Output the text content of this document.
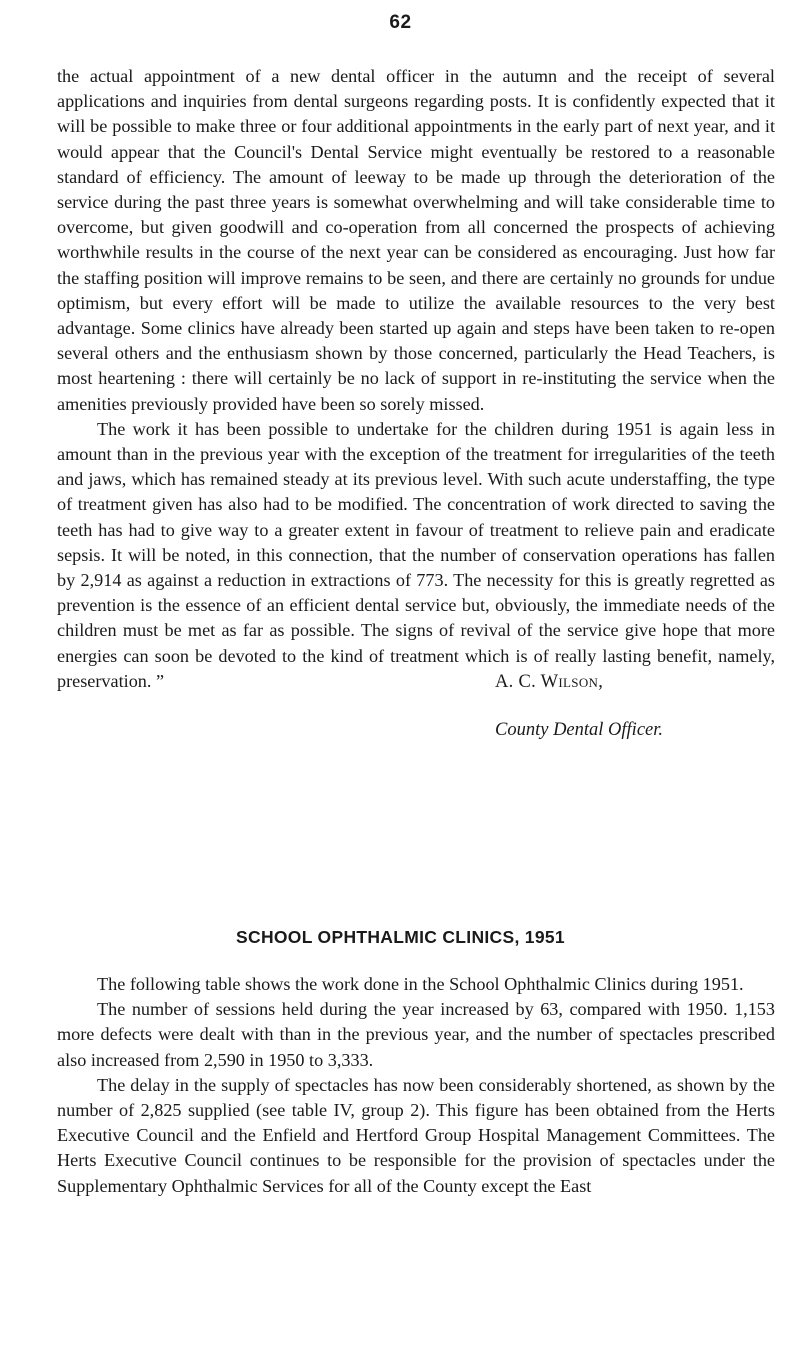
62

the actual appointment of a new dental officer in the autumn and the receipt of several applications and inquiries from dental surgeons regarding posts. It is confidently expected that it will be possible to make three or four additional appointments in the early part of next year, and it would appear that the Council's Dental Service might eventually be restored to a reasonable standard of efficiency. The amount of leeway to be made up through the deterioration of the service during the past three years is somewhat overwhelming and will take considerable time to overcome, but given goodwill and co-operation from all concerned the prospects of achieving worthwhile results in the course of the next year can be considered as encouraging. Just how far the staffing position will improve remains to be seen, and there are certainly no grounds for undue optimism, but every effort will be made to utilize the available resources to the very best advantage. Some clinics have already been started up again and steps have been taken to re-open several others and the enthusiasm shown by those concerned, particularly the Head Teachers, is most heartening : there will certainly be no lack of support in re-instituting the service when the amenities previously provided have been so sorely missed.

The work it has been possible to undertake for the children during 1951 is again less in amount than in the previous year with the exception of the treatment for irregularities of the teeth and jaws, which has remained steady at its previous level. With such acute understaffing, the type of treatment given has also had to be modified. The concentration of work directed to saving the teeth has had to give way to a greater extent in favour of treatment to relieve pain and eradicate sepsis. It will be noted, in this connection, that the number of conservation operations has fallen by 2,914 as against a reduction in extractions of 773. The necessity for this is greatly regretted as prevention is the essence of an efficient dental service but, obviously, the immediate needs of the children must be met as far as possible. The signs of revival of the service give hope that more energies can soon be devoted to the kind of treatment which is of really lasting benefit, namely, preservation. ”	A. C. Wilson,
County Dental Officer.
SCHOOL OPHTHALMIC CLINICS, 1951

The following table shows the work done in the School Ophthalmic Clinics during 1951.

The number of sessions held during the year increased by 63, compared with 1950. 1,153 more defects were dealt with than in the previous year, and the number of spectacles prescribed also increased from 2,590 in 1950 to 3,333.

The delay in the supply of spectacles has now been considerably shortened, as shown by the number of 2,825 supplied (see table IV, group 2). This figure has been obtained from the Herts Executive Council and the Enfield and Hertford Group Hospital Management Committees. The Herts Executive Council continues to be responsible for the provision of spectacles under the Supplementary Ophthalmic Services for all of the County except the East
